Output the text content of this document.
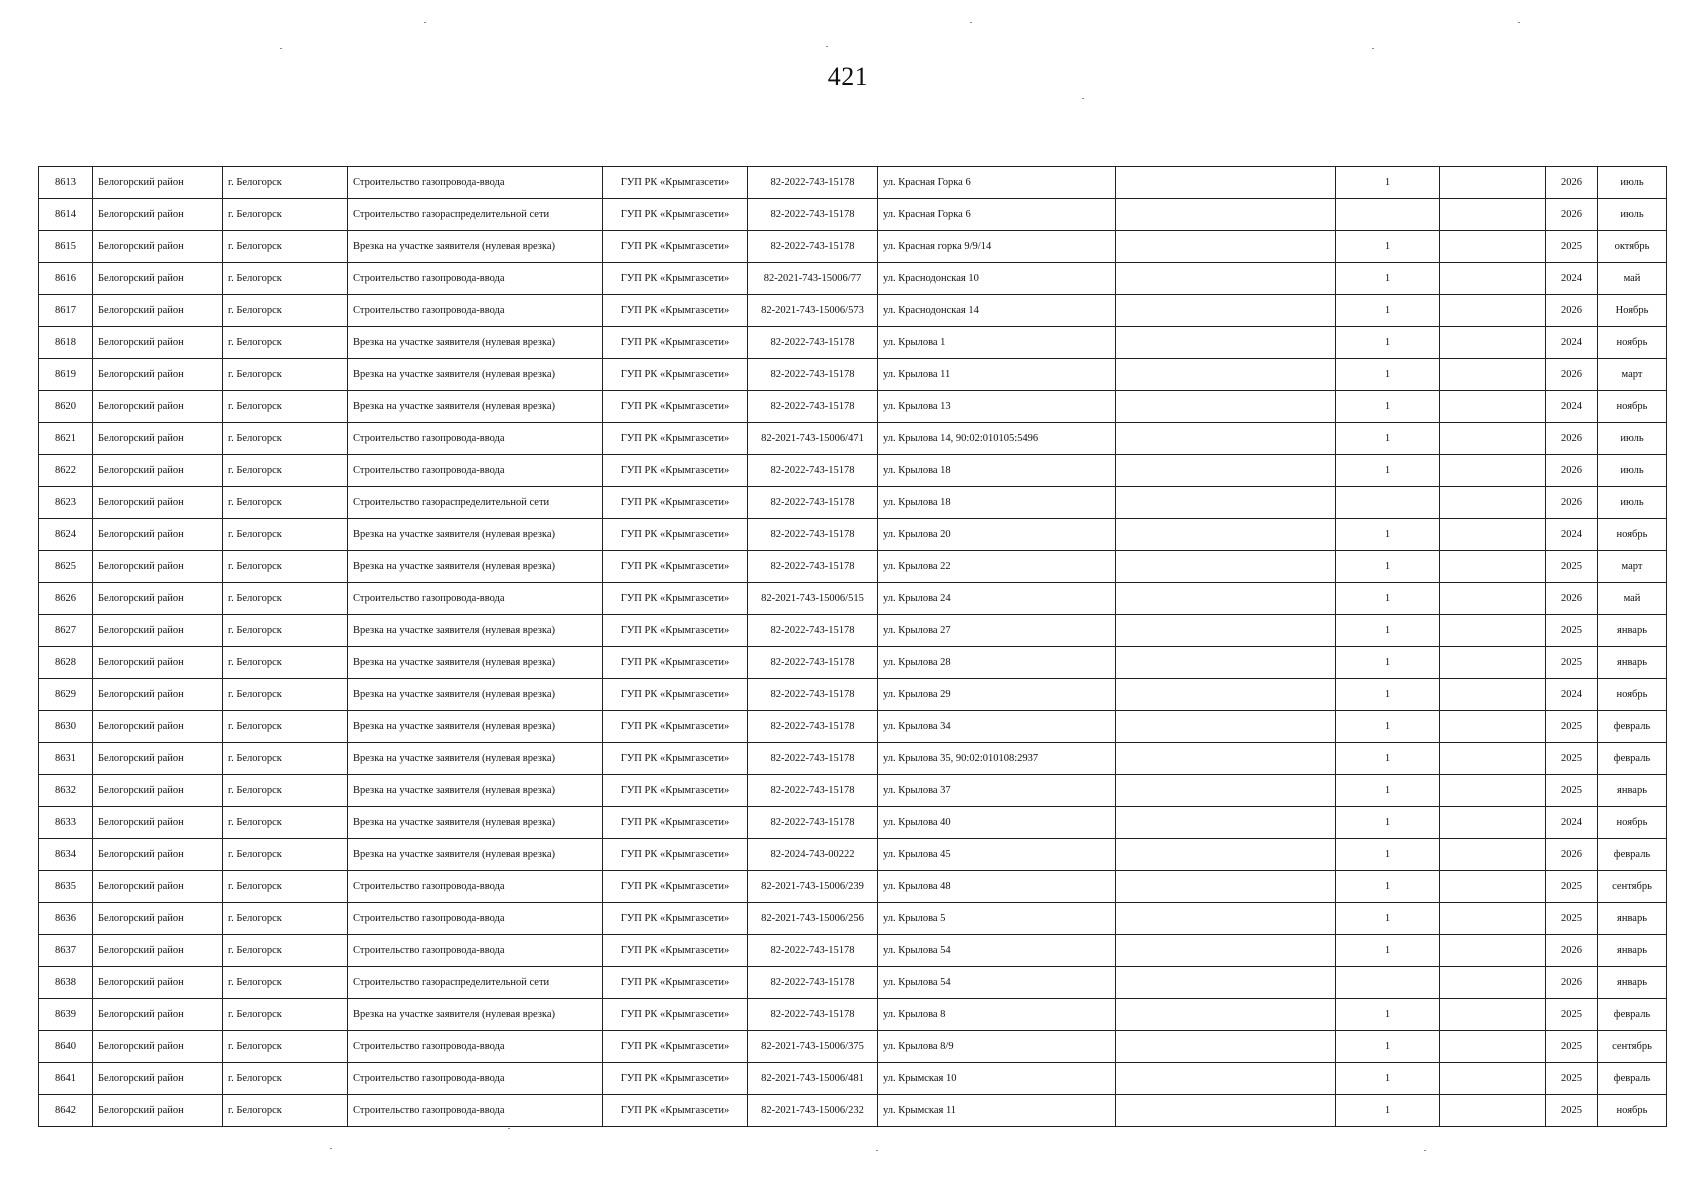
421
8613	Белогорский район	г. Белогорск	Строительство газопровода-ввода	ГУП РК «Крымгазсети»	82-2022-743-15178	ул. Красная Горка 6		1		2026	июль
8614	Белогорский район	г. Белогорск	Строительство газораспределительной сети	ГУП РК «Крымгазсети»	82-2022-743-15178	ул. Красная Горка 6				2026	июль
8615	Белогорский район	г. Белогорск	Врезка на участке заявителя (нулевая врезка)	ГУП РК «Крымгазсети»	82-2022-743-15178	ул. Красная горка 9/9/14		1		2025	октябрь
8616	Белогорский район	г. Белогорск	Строительство газопровода-ввода	ГУП РК «Крымгазсети»	82-2021-743-15006/77	ул. Краснодонская 10		1		2024	май
8617	Белогорский район	г. Белогорск	Строительство газопровода-ввода	ГУП РК «Крымгазсети»	82-2021-743-15006/573	ул. Краснодонская 14		1		2026	Ноябрь
8618	Белогорский район	г. Белогорск	Врезка на участке заявителя (нулевая врезка)	ГУП РК «Крымгазсети»	82-2022-743-15178	ул. Крылова 1		1		2024	ноябрь
8619	Белогорский район	г. Белогорск	Врезка на участке заявителя (нулевая врезка)	ГУП РК «Крымгазсети»	82-2022-743-15178	ул. Крылова 11		1		2026	март
8620	Белогорский район	г. Белогорск	Врезка на участке заявителя (нулевая врезка)	ГУП РК «Крымгазсети»	82-2022-743-15178	ул. Крылова 13		1		2024	ноябрь
8621	Белогорский район	г. Белогорск	Строительство газопровода-ввода	ГУП РК «Крымгазсети»	82-2021-743-15006/471	ул. Крылова 14, 90:02:010105:5496		1		2026	июль
8622	Белогорский район	г. Белогорск	Строительство газопровода-ввода	ГУП РК «Крымгазсети»	82-2022-743-15178	ул. Крылова 18		1		2026	июль
8623	Белогорский район	г. Белогорск	Строительство газораспределительной сети	ГУП РК «Крымгазсети»	82-2022-743-15178	ул. Крылова 18				2026	июль
8624	Белогорский район	г. Белогорск	Врезка на участке заявителя (нулевая врезка)	ГУП РК «Крымгазсети»	82-2022-743-15178	ул. Крылова 20		1		2024	ноябрь
8625	Белогорский район	г. Белогорск	Врезка на участке заявителя (нулевая врезка)	ГУП РК «Крымгазсети»	82-2022-743-15178	ул. Крылова 22		1		2025	март
8626	Белогорский район	г. Белогорск	Строительство газопровода-ввода	ГУП РК «Крымгазсети»	82-2021-743-15006/515	ул. Крылова 24		1		2026	май
8627	Белогорский район	г. Белогорск	Врезка на участке заявителя (нулевая врезка)	ГУП РК «Крымгазсети»	82-2022-743-15178	ул. Крылова 27		1		2025	январь
8628	Белогорский район	г. Белогорск	Врезка на участке заявителя (нулевая врезка)	ГУП РК «Крымгазсети»	82-2022-743-15178	ул. Крылова 28		1		2025	январь
8629	Белогорский район	г. Белогорск	Врезка на участке заявителя (нулевая врезка)	ГУП РК «Крымгазсети»	82-2022-743-15178	ул. Крылова 29		1		2024	ноябрь
8630	Белогорский район	г. Белогорск	Врезка на участке заявителя (нулевая врезка)	ГУП РК «Крымгазсети»	82-2022-743-15178	ул. Крылова 34		1		2025	февраль
8631	Белогорский район	г. Белогорск	Врезка на участке заявителя (нулевая врезка)	ГУП РК «Крымгазсети»	82-2022-743-15178	ул. Крылова 35, 90:02:010108:2937		1		2025	февраль
8632	Белогорский район	г. Белогорск	Врезка на участке заявителя (нулевая врезка)	ГУП РК «Крымгазсети»	82-2022-743-15178	ул. Крылова 37		1		2025	январь
8633	Белогорский район	г. Белогорск	Врезка на участке заявителя (нулевая врезка)	ГУП РК «Крымгазсети»	82-2022-743-15178	ул. Крылова 40		1		2024	ноябрь
8634	Белогорский район	г. Белогорск	Врезка на участке заявителя (нулевая врезка)	ГУП РК «Крымгазсети»	82-2024-743-00222	ул. Крылова 45		1		2026	февраль
8635	Белогорский район	г. Белогорск	Строительство газопровода-ввода	ГУП РК «Крымгазсети»	82-2021-743-15006/239	ул. Крылова 48		1		2025	сентябрь
8636	Белогорский район	г. Белогорск	Строительство газопровода-ввода	ГУП РК «Крымгазсети»	82-2021-743-15006/256	ул. Крылова 5		1		2025	январь
8637	Белогорский район	г. Белогорск	Строительство газопровода-ввода	ГУП РК «Крымгазсети»	82-2022-743-15178	ул. Крылова 54		1		2026	январь
8638	Белогорский район	г. Белогорск	Строительство газораспределительной сети	ГУП РК «Крымгазсети»	82-2022-743-15178	ул. Крылова 54				2026	январь
8639	Белогорский район	г. Белогорск	Врезка на участке заявителя (нулевая врезка)	ГУП РК «Крымгазсети»	82-2022-743-15178	ул. Крылова 8		1		2025	февраль
8640	Белогорский район	г. Белогорск	Строительство газопровода-ввода	ГУП РК «Крымгазсети»	82-2021-743-15006/375	ул. Крылова 8/9		1		2025	сентябрь
8641	Белогорский район	г. Белогорск	Строительство газопровода-ввода	ГУП РК «Крымгазсети»	82-2021-743-15006/481	ул. Крымская 10		1		2025	февраль
8642	Белогорский район	г. Белогорск	Строительство газопровода-ввода	ГУП РК «Крымгазсети»	82-2021-743-15006/232	ул. Крымская 11		1		2025	ноябрь
